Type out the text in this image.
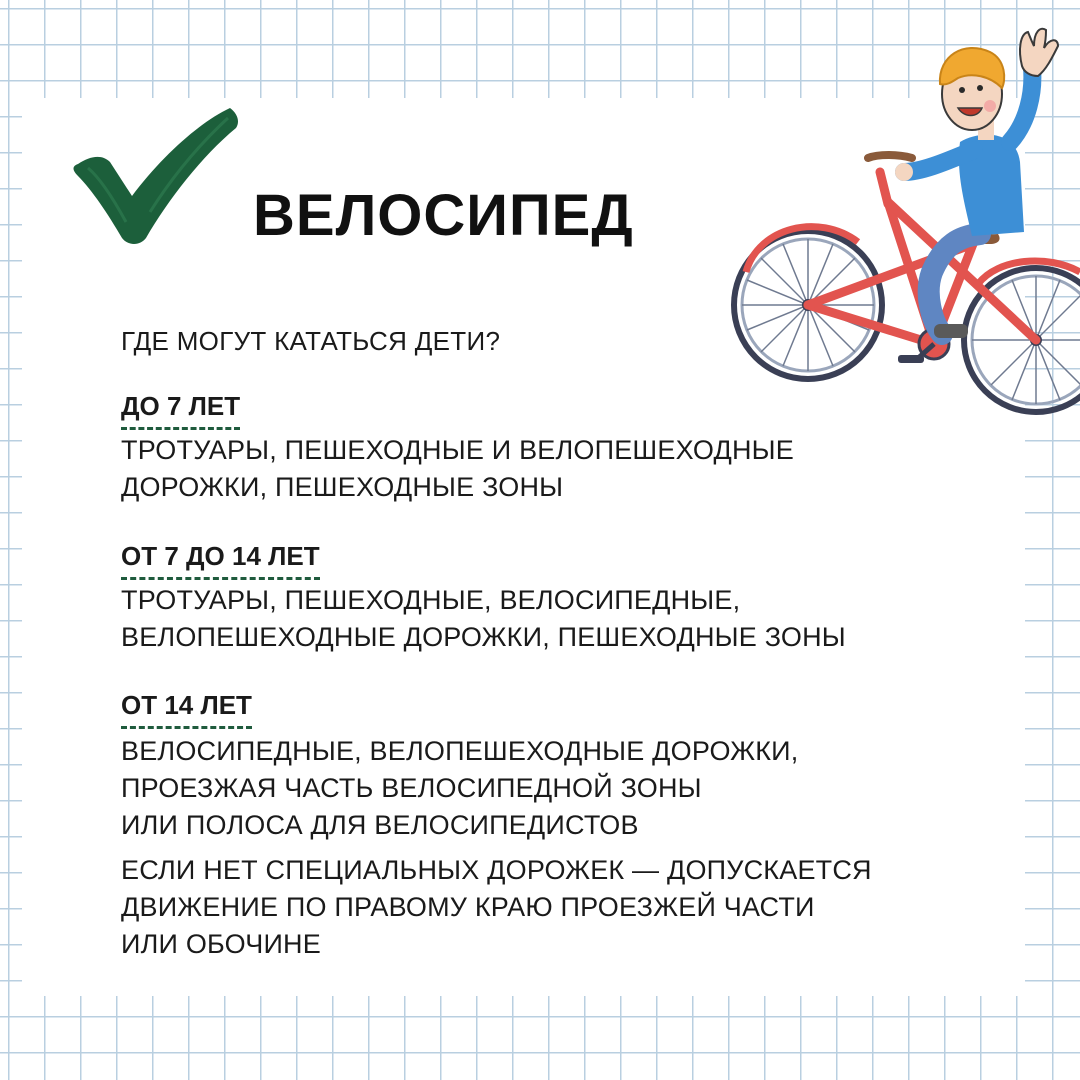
ВЕЛОСИПЕД
ГДЕ МОГУТ КАТАТЬСЯ ДЕТИ?
ДО 7 ЛЕТ

ТРОТУАРЫ, ПЕШЕХОДНЫЕ И ВЕЛОПЕШЕХОДНЫЕ
ДОРОЖКИ, ПЕШЕХОДНЫЕ ЗОНЫ

ОТ 7 ДО 14 ЛЕТ

ТРОТУАРЫ, ПЕШЕХОДНЫЕ, ВЕЛОСИПЕДНЫЕ,
ВЕЛОПЕШЕХОДНЫЕ ДОРОЖКИ, ПЕШЕХОДНЫЕ ЗОНЫ

ОТ 14 ЛЕТ

ВЕЛОСИПЕДНЫЕ, ВЕЛОПЕШЕХОДНЫЕ ДОРОЖКИ,
ПРОЕЗЖАЯ ЧАСТЬ ВЕЛОСИПЕДНОЙ ЗОНЫ
ИЛИ ПОЛОСА ДЛЯ ВЕЛОСИПЕДИСТОВ

ЕСЛИ НЕТ СПЕЦИАЛЬНЫХ ДОРОЖЕК — ДОПУСКАЕТСЯ
ДВИЖЕНИЕ ПО ПРАВОМУ КРАЮ ПРОЕЗЖЕЙ ЧАСТИ
ИЛИ ОБОЧИНЕ
